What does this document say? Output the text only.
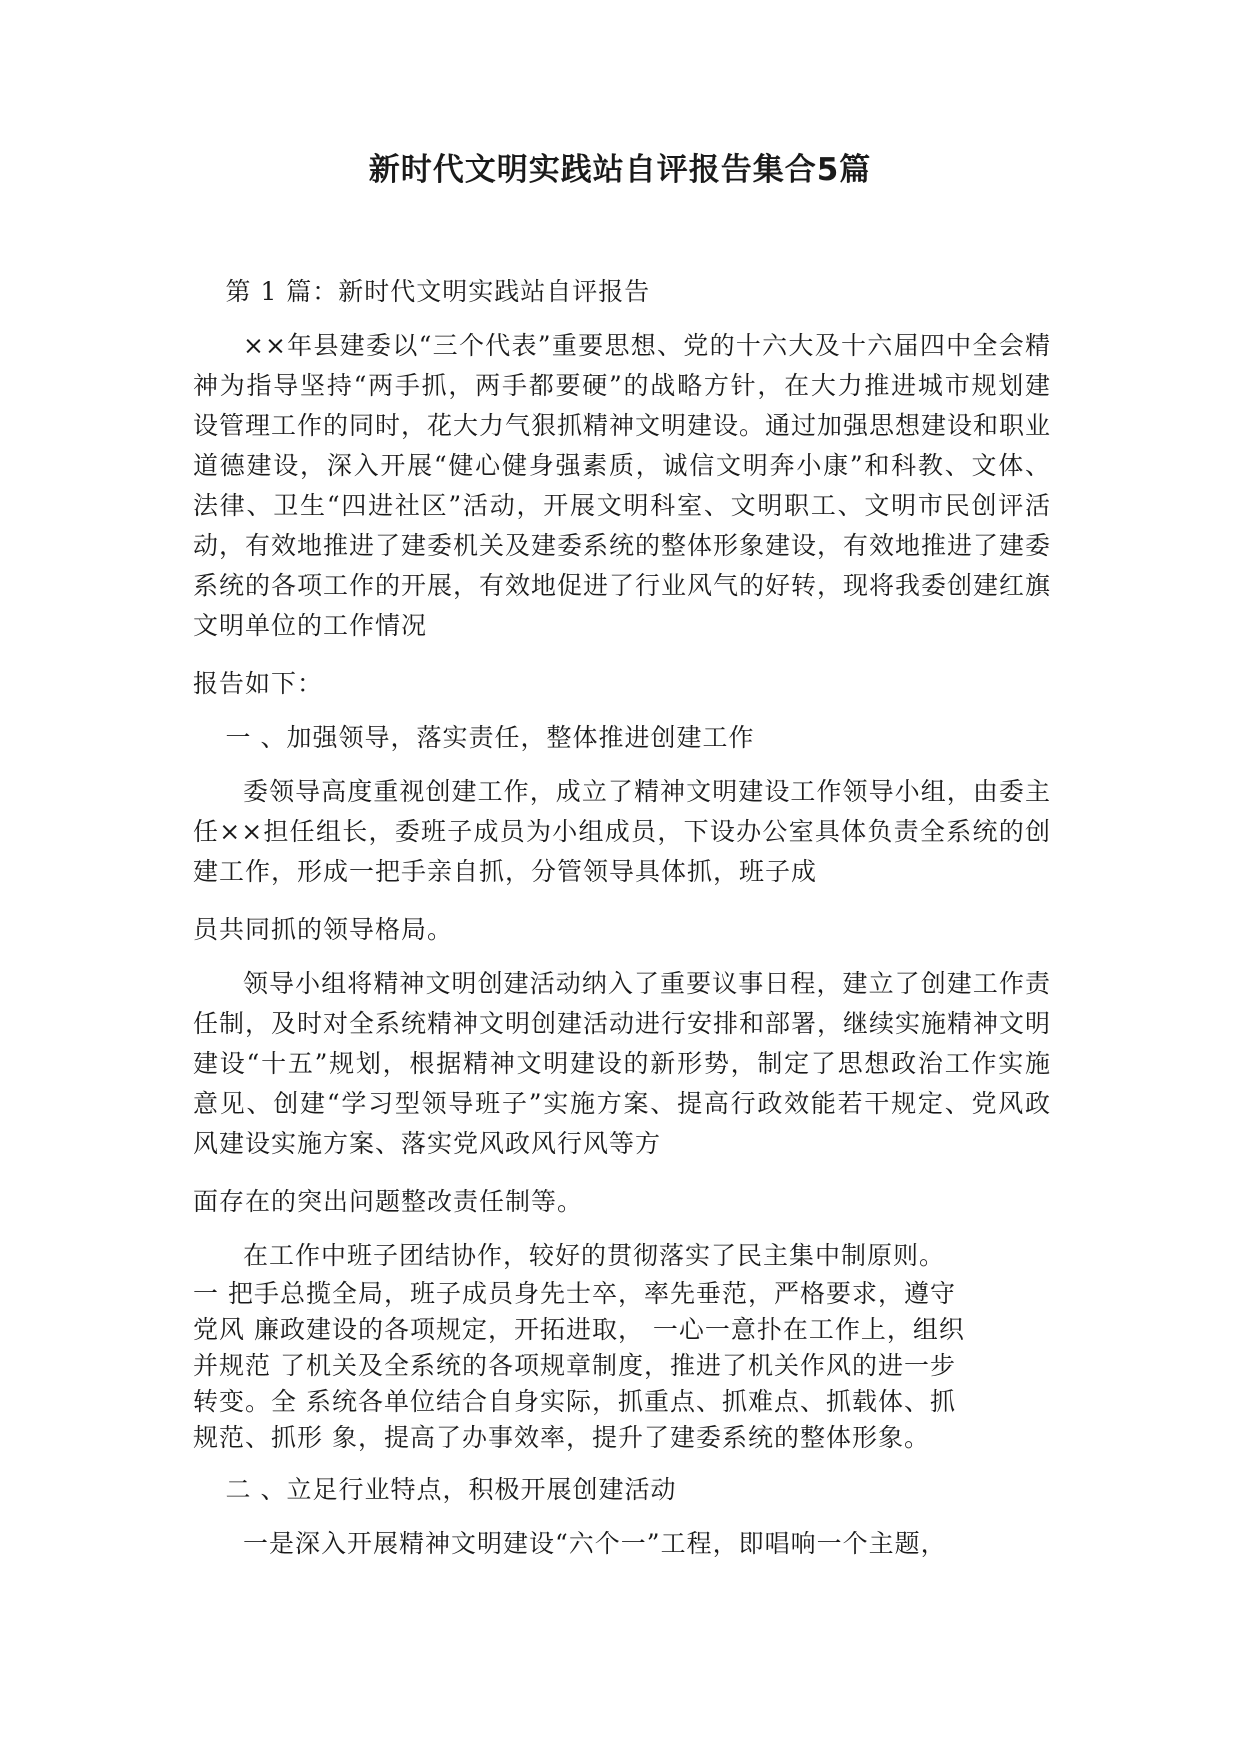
新时代文明实践站自评报告集合5篇

第 1 篇：新时代文明实践站自评报告

××年县建委以“三个代表”重要思想、党的十六大及十六届四中全会精神为指导坚持“两手抓，两手都要硬”的战略方针，在大力推进城市规划建设管理工作的同时，花大力气狠抓精神文明建设。通过加强思想建设和职业道德建设，深入开展“健心健身强素质，诚信文明奔小康”和科教、文体、法律、卫生“四进社区”活动，开展文明科室、文明职工、文明市民创评活动，有效地推进了建委机关及建委系统的整体形象建设，有效地推进了建委系统的各项工作的开展，有效地促进了行业风气的好转，现将我委创建红旗文明单位的工作情况

报告如下：

一 、加强领导，落实责任，整体推进创建工作

委领导高度重视创建工作，成立了精神文明建设工作领导小组，由委主任××担任组长，委班子成员为小组成员，下设办公室具体负责全系统的创建工作，形成一把手亲自抓，分管领导具体抓，班子成

员共同抓的领导格局。

领导小组将精神文明创建活动纳入了重要议事日程，建立了创建工作责任制，及时对全系统精神文明创建活动进行安排和部署，继续实施精神文明建设“十五”规划，根据精神文明建设的新形势，制定了思想政治工作实施意见、创建“学习型领导班子”实施方案、提高行政效能若干规定、党风政风建设实施方案、落实党风政风行风等方

面存在的突出问题整改责任制等。

在工作中班子团结协作，较好的贯彻落实了民主集中制原则。

一 把手总揽全局，班子成员身先士卒，率先垂范，严格要求，遵守

党风 廉政建设的各项规定，开拓进取， 一心一意扑在工作上，组织

并规范 了机关及全系统的各项规章制度，推进了机关作风的进一步

转变。全 系统各单位结合自身实际，抓重点、抓难点、抓载体、抓

规范、抓形 象，提高了办事效率，提升了建委系统的整体形象。

二 、立足行业特点，积极开展创建活动

一是深入开展精神文明建设“六个一”工程，即唱响一个主题，
